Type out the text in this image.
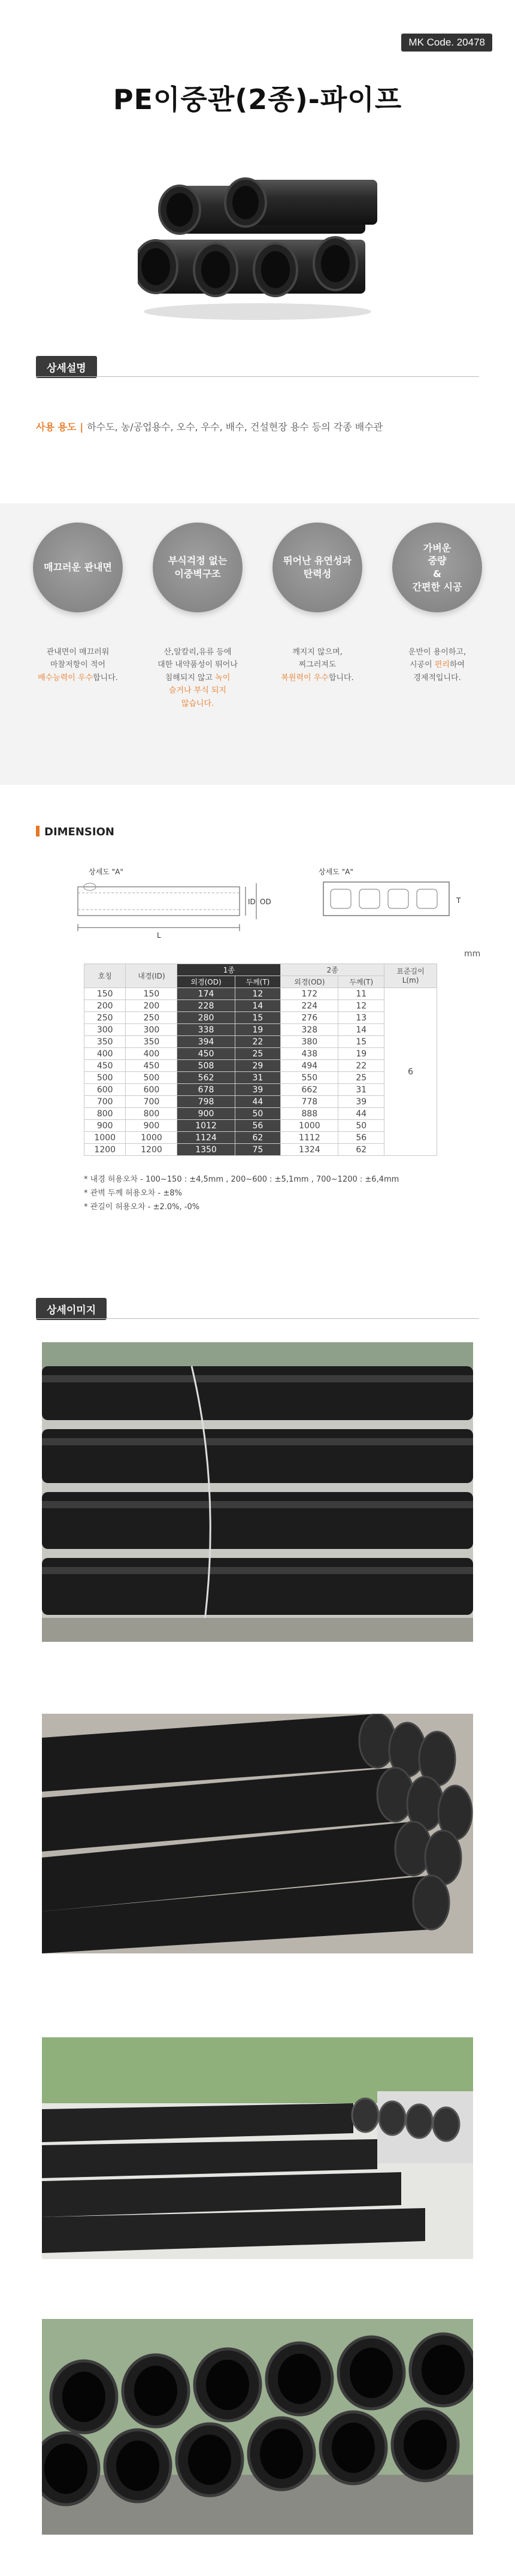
MK Code. 20478
PE이중관(2종)-파이프
상세설명
사용 용도 | 하수도, 농/공업용수, 오수, 우수, 배수, 건설현장 용수 등의 각종 배수관
매끄러운 관내면
관내면이 매끄러워
마찰저항이 적어
배수능력이 우수합니다.
부식걱정 없는
이중벽구조
산,알칼리,유류 등에
대한 내약품성이 뛰어나
침해되지 않고 녹이
슬거나 부식 되지
않습니다.
뛰어난 유연성과
탄력성
깨지지 않으며,
찌그러져도
복원력이 우수합니다.
가벼운
중량
&
간편한 시공
운반이 용이하고,
시공이 편리하여
경제적입니다.
DIMENSION
상세도 "A"
ID OD
L
상세도 "A"
T
mm
호칭	내경(ID)	1종		2종		표준길이
L(m)
		외경(OD)	두께(T)	외경(OD)	두께(T)	
150	150	174	12	172	11	6
200	200	228	14	224	12	
250	250	280	15	276	13	
300	300	338	19	328	14	
350	350	394	22	380	15	
400	400	450	25	438	19	
450	450	508	29	494	22	
500	500	562	31	550	25	
600	600	678	39	662	31	
700	700	798	44	778	39	
800	800	900	50	888	44	
900	900	1012	56	1000	50	
1000	1000	1124	62	1112	56	
1200	1200	1350	75	1324	62	
* 내경 허용오차 - 100~150 : ±4,5mm , 200~600 : ±5,1mm , 700~1200 : ±6,4mm
* 관벽 두께 허용오차 - ±8%
* 관길이 허용오차 - ±2.0%, -0%
상세이미지
